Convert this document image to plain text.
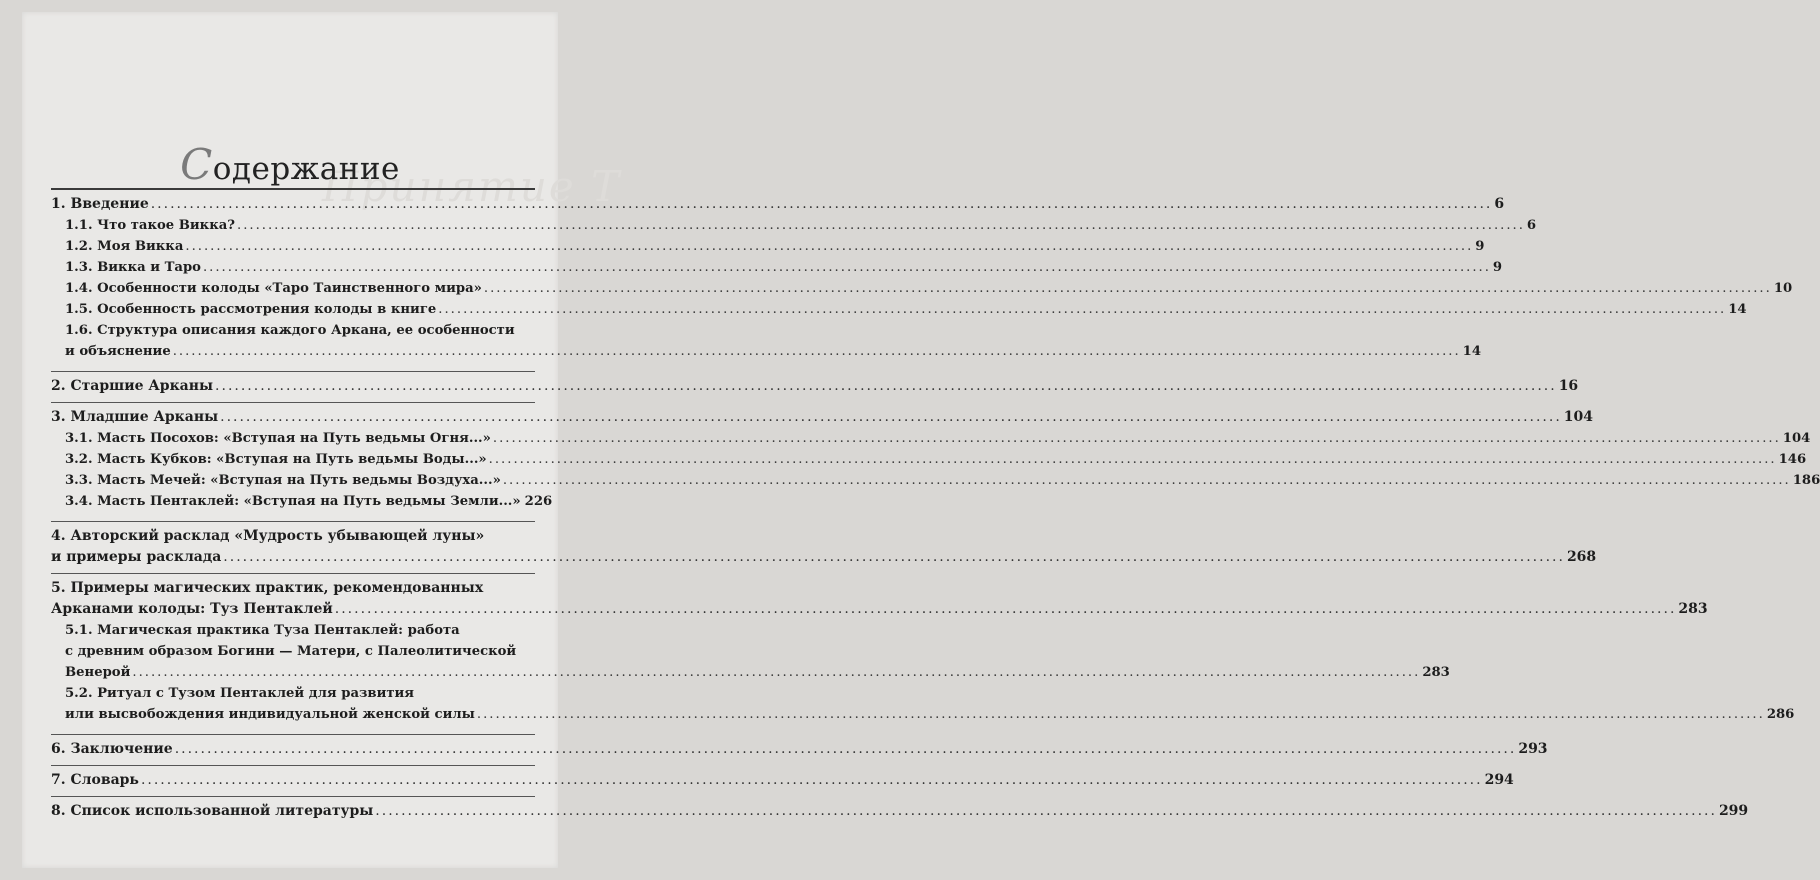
Принятие Т
Содержание
1. Введение .....	6
1.1. Что такое Викка? .....	6
1.2. Моя Викка .....	9
1.3. Викка и Таро .....	9
1.4. Особенности колоды «Таро Таинственного мира» .....	10
1.5. Особенность рассмотрения колоды в книге .....	14
1.6. Структура описания каждого Аркана, ее особенности
и объяснение .....	14
2. Старшие Арканы .....	16
3. Младшие Арканы .....	104
3.1. Масть Посохов: «Вступая на Путь ведьмы Огня...» .....	104
3.2. Масть Кубков: «Вступая на Путь ведьмы Воды...» .....	146
3.3. Масть Мечей: «Вступая на Путь ведьмы Воздуха...» .....	186
3.4. Масть Пентаклей: «Вступая на Путь ведьмы Земли...» 226
4. Авторский расклад «Мудрость убывающей луны»
и примеры расклада .....	268
5. Примеры магических практик, рекомендованных
Арканами колоды: Туз Пентаклей .....	283
5.1. Магическая практика Туза Пентаклей: работа
с древним образом Богини — Матери, с Палеолитической
Венерой .....	283
5.2. Ритуал с Тузом Пентаклей для развития
или высвобождения индивидуальной женской силы .....	286
6. Заключение .....	293
7. Словарь .....	294
8. Список использованной литературы .....	299
